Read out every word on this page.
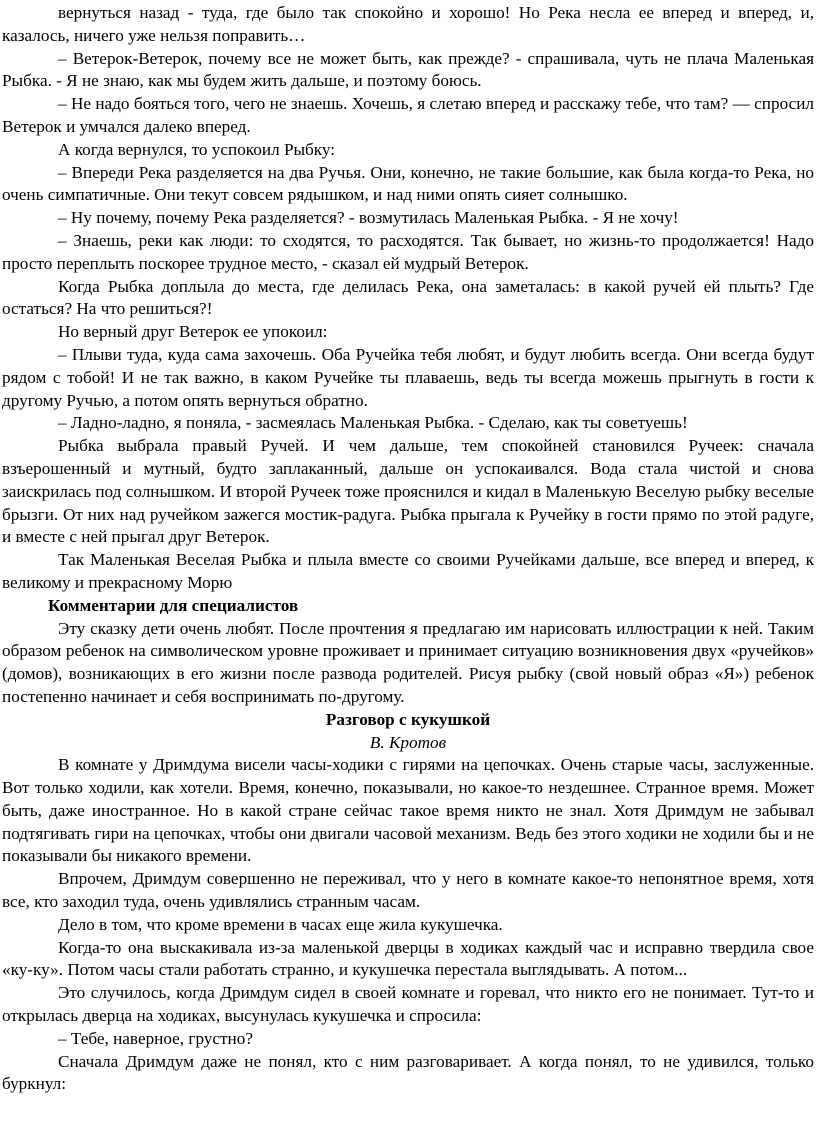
вернуться назад - туда, где было так спокойно и хорошо! Но Река несла ее вперед и вперед, и, казалось, ничего уже нельзя поправить…

– Ветерок-Ветерок, почему все не может быть, как прежде? - спрашивала, чуть не плача Маленькая Рыбка. - Я не знаю, как мы будем жить дальше, и поэтому боюсь.

– Не надо бояться того, чего не знаешь. Хочешь, я слетаю вперед и расскажу тебе, что там? — спросил Ветерок и умчался далеко вперед.

А когда вернулся, то успокоил Рыбку:

– Впереди Река разделяется на два Ручья. Они, конечно, не такие большие, как была когда-то Река, но очень симпатичные. Они текут совсем рядышком, и над ними опять сияет солнышко.

– Ну почему, почему Река разделяется? - возмутилась Маленькая Рыбка. - Я не хочу!

– Знаешь, реки как люди: то сходятся, то расходятся. Так бывает, но жизнь-то продолжается! Надо просто переплыть поскорее трудное место, - сказал ей мудрый Ветерок.

Когда Рыбка доплыла до места, где делилась Река, она заметалась: в какой ручей ей плыть? Где остаться? На что решиться?!

Но верный друг Ветерок ее упокоил:

– Плыви туда, куда сама захочешь. Оба Ручейка тебя любят, и будут любить всегда. Они всегда будут рядом с тобой! И не так важно, в каком Ручейке ты плаваешь, ведь ты всегда можешь прыгнуть в гости к другому Ручью, а потом опять вернуться обратно.

– Ладно-ладно, я поняла, - засмеялась Маленькая Рыбка. - Сделаю, как ты советуешь!

Рыбка выбрала правый Ручей. И чем дальше, тем спокойней становился Ручеек: сначала взъерошенный и мутный, будто заплаканный, дальше он успокаивался. Вода стала чистой и снова заискрилась под солнышком. И второй Ручеек тоже прояснился и кидал в Маленькую Веселую рыбку веселые брызги. От них над ручейком зажегся мостик-радуга. Рыбка прыгала к Ручейку в гости прямо по этой радуге, и вместе с ней прыгал друг Ветерок.

Так Маленькая Веселая Рыбка и плыла вместе со своими Ручейками дальше, все вперед и вперед, к великому и прекрасному Морю

Комментарии для специалистов

Эту сказку дети очень любят. После прочтения я предлагаю им нарисовать иллюстрации к ней. Таким образом ребенок на символическом уровне проживает и принимает ситуацию возникновения двух «ручейков» (домов), возникающих в его жизни после развода родителей. Рисуя рыбку (свой новый образ «Я») ребенок постепенно начинает и себя воспринимать по-другому.

Разговор с кукушкой
В. Кротов

В комнате у Дримдума висели часы-ходики с гирями на цепочках. Очень старые часы, заслуженные. Вот только ходили, как хотели. Время, конечно, показывали, но какое-то нездешнее. Странное время. Может быть, даже иностранное. Но в какой стране сейчас такое время никто не знал. Хотя Дримдум не забывал подтягивать гири на цепочках, чтобы они двигали часовой механизм. Ведь без этого ходики не ходили бы и не показывали бы никакого времени.

Впрочем, Дримдум совершенно не переживал, что у него в комнате какое-то непонятное время, хотя все, кто заходил туда, очень удивлялись странным часам.

Дело в том, что кроме времени в часах еще жила кукушечка.

Когда-то она выскакивала из-за маленькой дверцы в ходиках каждый час и исправно твердила свое «ку-ку». Потом часы стали работать странно, и кукушечка перестала выглядывать. А потом...

Это случилось, когда Дримдум сидел в своей комнате и горевал, что никто его не понимает. Тут-то и открылась дверца на ходиках, высунулась кукушечка и спросила:

– Тебе, наверное, грустно?

Сначала Дримдум даже не понял, кто с ним разговаривает. А когда понял, то не удивился, только буркнул:
